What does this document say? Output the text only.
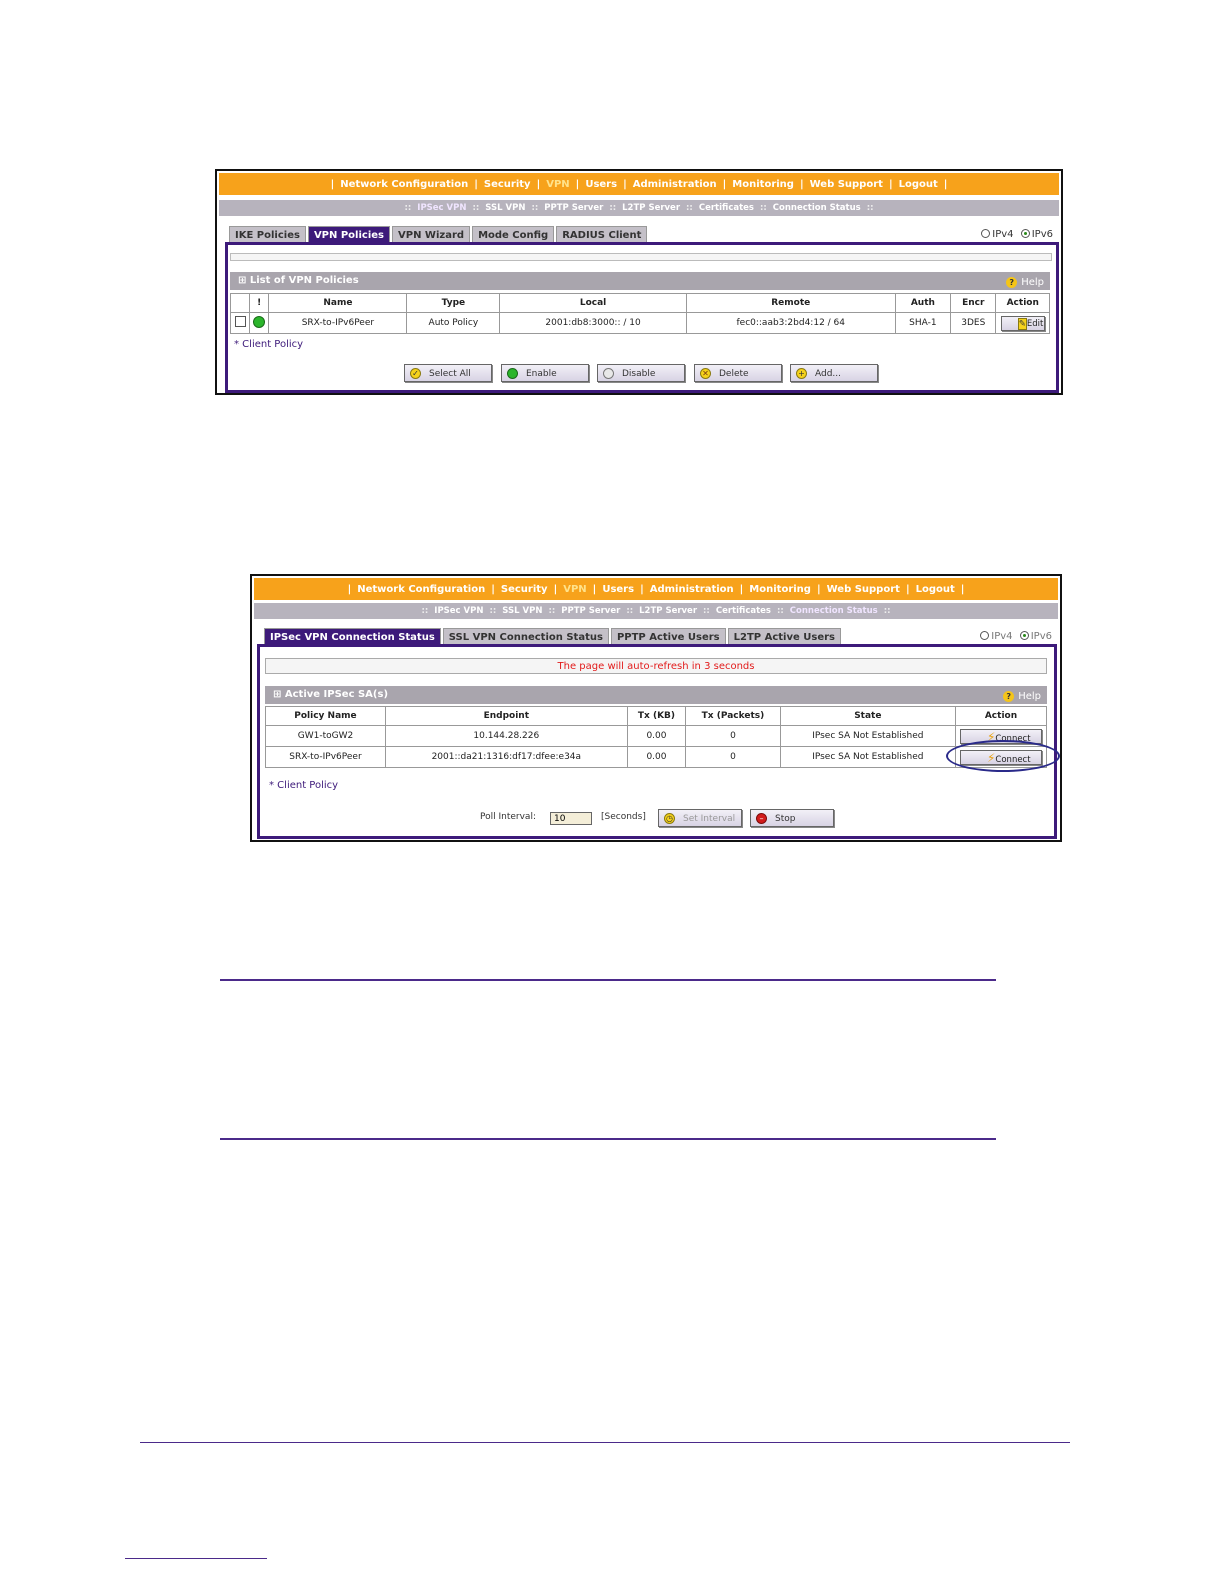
| Network Configuration | Security | VPN | Users | Administration | Monitoring | Web Support | Logout |
:: IPSec VPN :: SSL VPN :: PPTP Server :: L2TP Server :: Certificates :: Connection Status ::
IKE Policies	VPN Policies	VPN Wizard	Mode Config	RADIUS Client	IPv4 IPv6
⊞ List of VPN Policies	? Help
	!	Name	Type	Local	Remote	Auth	Encr	Action
		SRX-to-IPv6Peer	Auto Policy	2001:db8:3000:: / 10	fec0::aab3:2bd4:12 / 64	SHA-1	3DES	✎Edit
* Client Policy
✓ Select All	Enable	Disable	✕ Delete	+ Add...
| Network Configuration | Security | VPN | Users | Administration | Monitoring | Web Support | Logout |
:: IPSec VPN :: SSL VPN :: PPTP Server :: L2TP Server :: Certificates :: Connection Status ::
IPSec VPN Connection Status	SSL VPN Connection Status	PPTP Active Users	L2TP Active Users	IPv4 IPv6
The page will auto-refresh in 3 seconds
⊞ Active IPSec SA(s)	? Help
Policy Name	Endpoint	Tx (KB)	Tx (Packets)	State	Action
GW1-toGW2	10.144.28.226	0.00	0	IPsec SA Not Established	⚡Connect
SRX-to-IPv6Peer	2001::da21:1316:df17:dfee:e34a	0.00	0	IPsec SA Not Established	⚡Connect
* Client Policy
Poll Interval:	10	[Seconds]	◷ Set Interval	–	Stop
